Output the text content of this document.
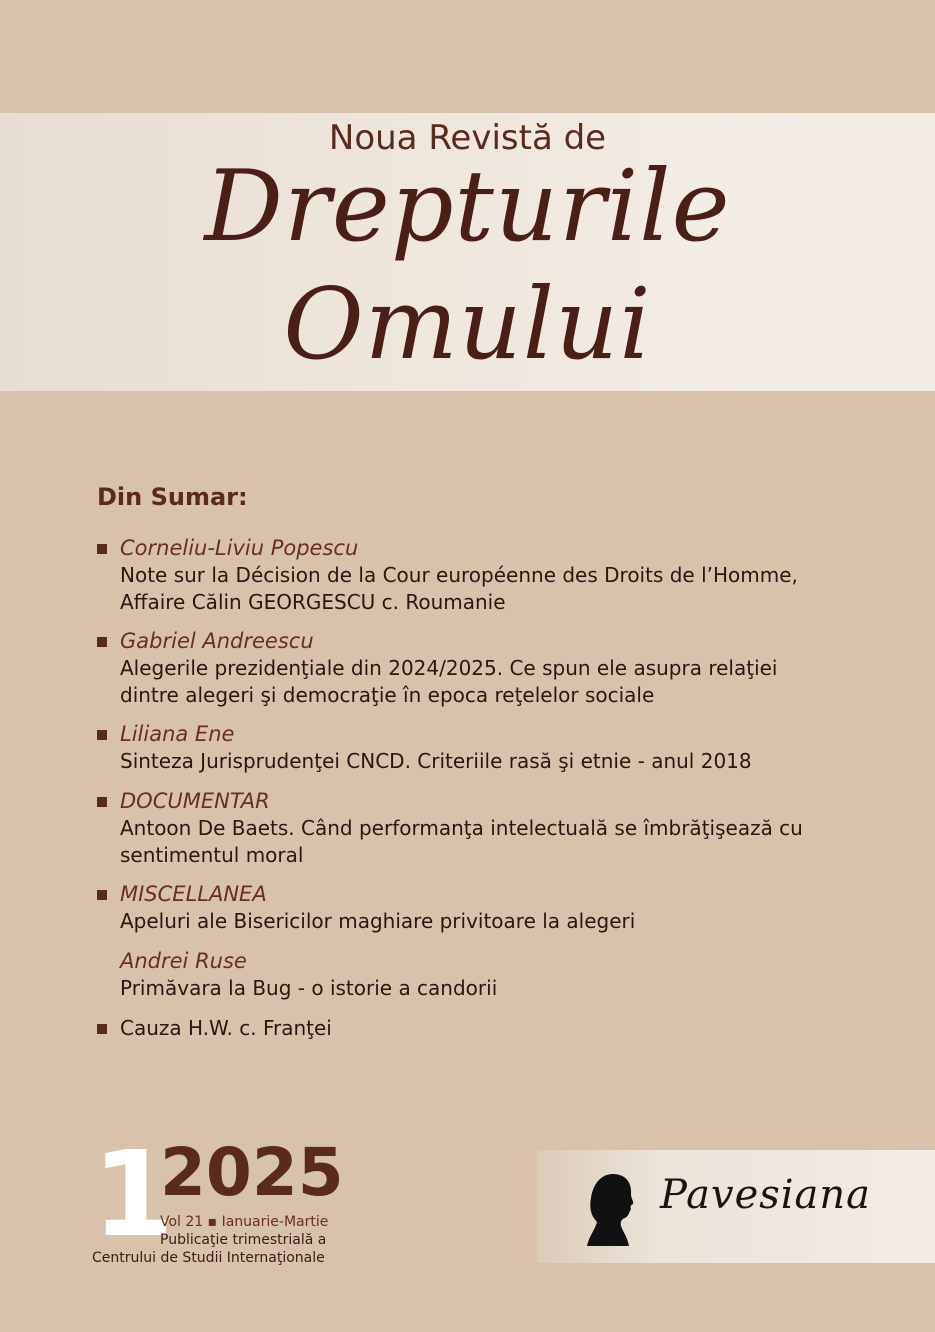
Noua Revistă de
Drepturile
Omului
Din Sumar:
Corneliu-Liviu Popescu
Note sur la Décision de la Cour européenne des Droits de l’Homme,
Affaire Călin GEORGESCU c. Roumanie
Gabriel Andreescu
Alegerile prezidenţiale din 2024/2025. Ce spun ele asupra relaţiei
dintre alegeri şi democraţie în epoca reţelelor sociale
Liliana Ene
Sinteza Jurisprudenţei CNCD. Criteriile rasă şi etnie - anul 2018
DOCUMENTAR
Antoon De Baets. Când performanţa intelectuală se îmbrăţişează cu
sentimentul moral
MISCELLANEA
Apeluri ale Bisericilor maghiare privitoare la alegeri
Andrei Ruse
Primăvara la Bug - o istorie a candorii
Cauza H.W. c. Franţei
1
2025
Vol 21 ▪ Ianuarie-Martie
Publicaţie trimestrială a
Centrului de Studii Internaţionale
Pavesiana
